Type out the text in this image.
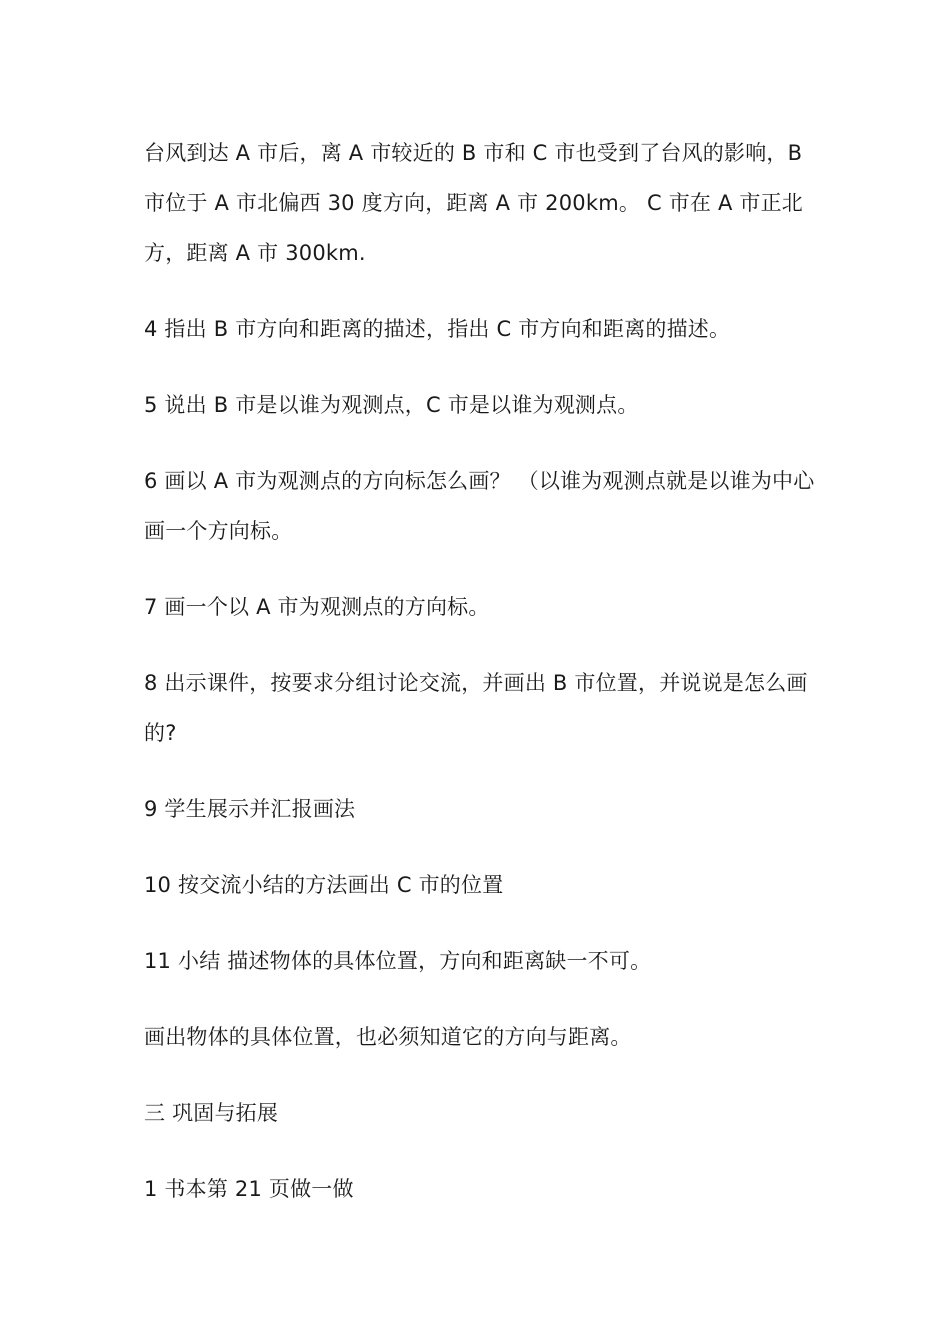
台风到达 A 市后，离 A 市较近的 B 市和 C 市也受到了台风的影响，B 市位于 A 市北偏西 30 度方向，距离 A 市 200km。 C 市在 A 市正北方，距离 A 市 300km.

4 指出 B 市方向和距离的描述，指出 C 市方向和距离的描述。

5 说出 B 市是以谁为观测点，C 市是以谁为观测点。

6 画以 A 市为观测点的方向标怎么画？ （以谁为观测点就是以谁为中心画一个方向标。

7 画一个以 A 市为观测点的方向标。

8 出示课件，按要求分组讨论交流，并画出 B 市位置，并说说是怎么画的?

9 学生展示并汇报画法

10 按交流小结的方法画出 C 市的位置

11 小结 描述物体的具体位置，方向和距离缺一不可。

画出物体的具体位置，也必须知道它的方向与距离。

三 巩固与拓展

1 书本第 21 页做一做
